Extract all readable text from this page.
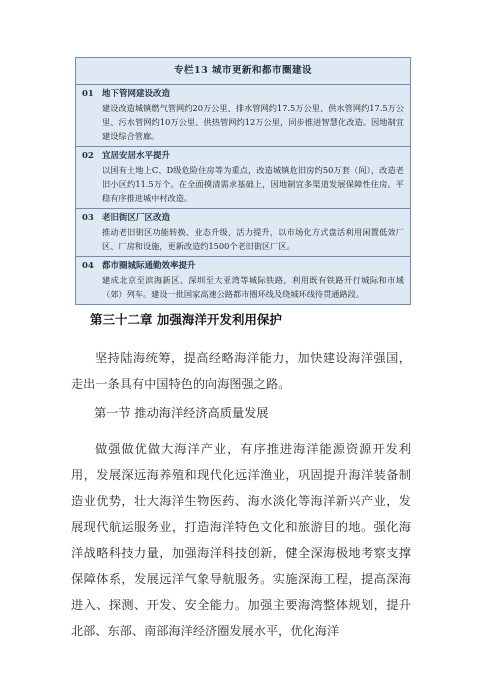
专栏13 城市更新和都市圈建设
01 地下管网建设改造
建设改造城镇燃气管网约20万公里、排水管网约17.5万公里、供水管网约17.5万公里、污水管网约10万公里、供热管网约12万公里，同步推进智慧化改造。因地制宜建设综合管廊。
02 宜居安居水平提升
以国有土地上C、D级危险住房等为重点，改造城镇危旧房约50万套（间），改造老旧小区约11.5万个。在全面摸清需求基础上，因地制宜多渠道发展保障性住房。平稳有序推进城中村改造。
03 老旧街区厂区改造
推动老旧街区功能转换、业态升级、活力提升，以市场化方式盘活利用闲置低效厂区、厂房和设施，更新改造约1500个老旧街区厂区。
04 都市圈城际通勤效率提升
建成北京至滨海新区、深圳至大亚湾等城际铁路，利用既有铁路开行城际和市域（郊）列车。建设一批国家高速公路都市圈环线及绕城环线待贯通路段。
第三十二章 加强海洋开发利用保护
坚持陆海统筹，提高经略海洋能力，加快建设海洋强国，走出一条具有中国特色的向海图强之路。
第一节 推动海洋经济高质量发展
做强做优做大海洋产业，有序推进海洋能源资源开发利用，发展深远海养殖和现代化远洋渔业，巩固提升海洋装备制造业优势，壮大海洋生物医药、海水淡化等海洋新兴产业，发展现代航运服务业，打造海洋特色文化和旅游目的地。强化海洋战略科技力量，加强海洋科技创新，健全深海极地考察支撑保障体系，发展远洋气象导航服务。实施深海工程，提高深海进入、探测、开发、安全能力。加强主要海湾整体规划，提升北部、东部、南部海洋经济圈发展水平，优化海洋
